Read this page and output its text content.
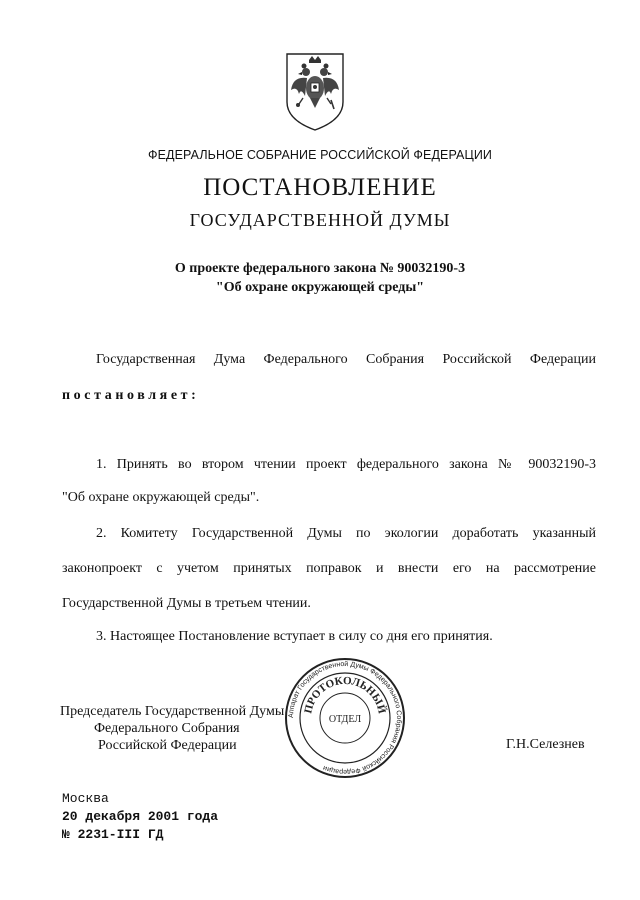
ФЕДЕРАЛЬНОЕ СОБРАНИЕ РОССИЙСКОЙ ФЕДЕРАЦИИ
ПОСТАНОВЛЕНИЕ
ГОСУДАРСТВЕННОЙ ДУМЫ
О проекте федерального закона № 90032190-3
"Об охране окружающей среды"
Государственная Дума Федерального Собрания Российской Федерации
постановляет:
1. Принять во втором чтении проект федерального закона № 90032190-3
"Об охране окружающей среды".
2. Комитету Государственной Думы по экологии доработать указанный
законопроект с учетом принятых поправок и внести его на рассмотрение
Государственной Думы в третьем чтении.
3. Настоящее Постановление вступает в силу со дня его принятия.
Председатель Государственной Думы
Федерального Собрания
Российской Федерации
Аппарат Государственной Думы Федерального Собрания Российской Федерации
ПРОТОКОЛЬНЫЙ
ОТДЕЛ
Г.Н.Селезнев
Москва
20 декабря 2001 года
№ 2231-III ГД
